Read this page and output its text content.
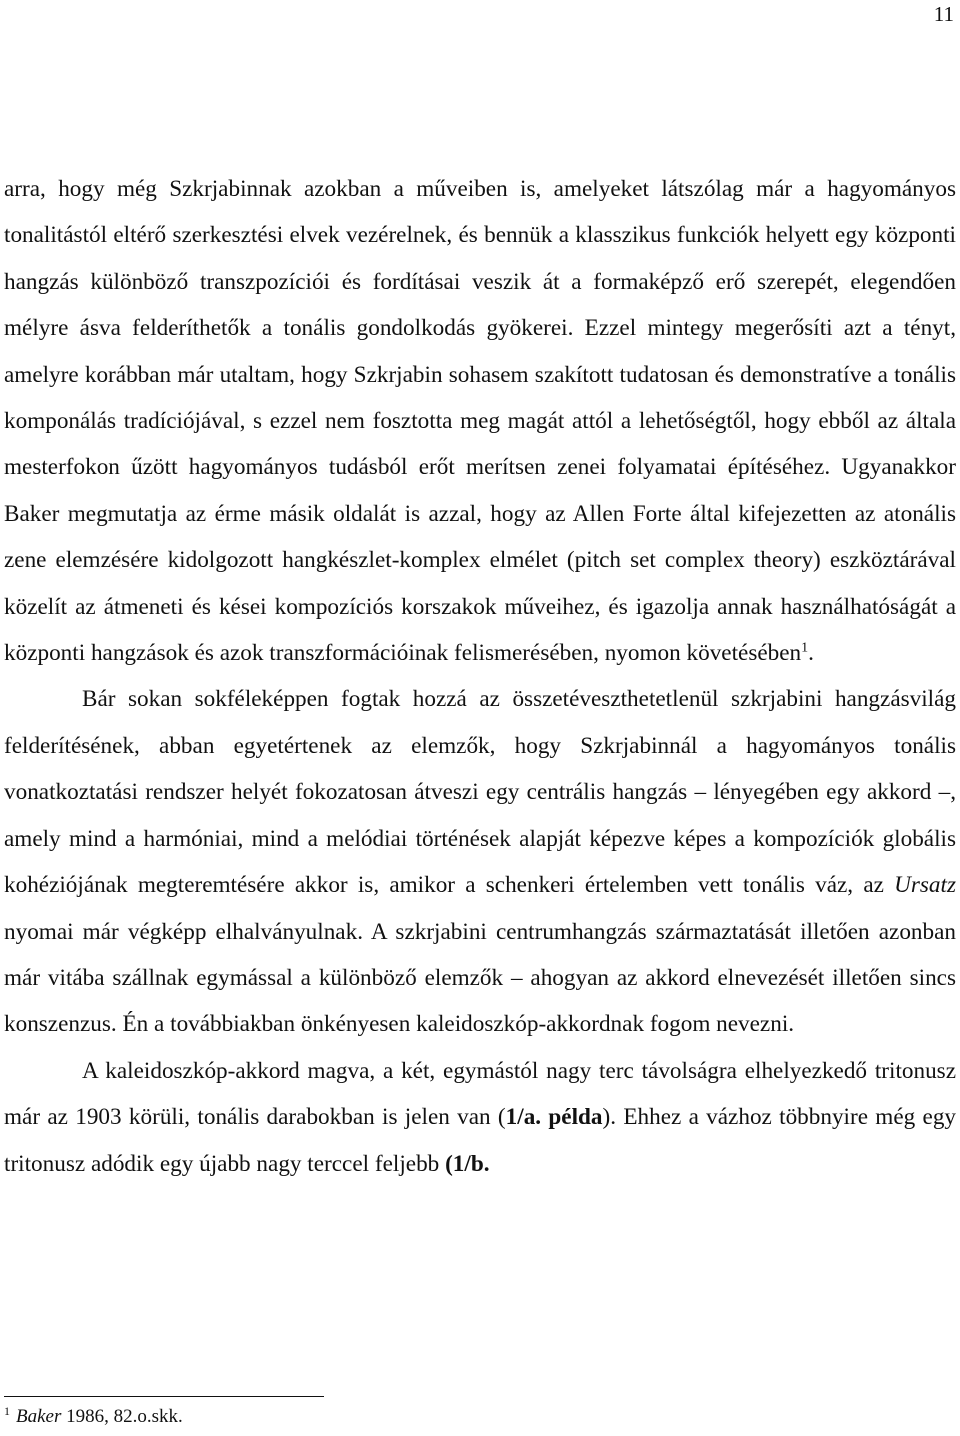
11

arra, hogy még Szkrjabinnak azokban a műveiben is, amelyeket látszólag már a hagyományos tonalitástól eltérő szerkesztési elvek vezérelnek, és bennük a klasszikus funkciók helyett egy központi hangzás különböző transzpozíciói és fordításai veszik át a formaképző erő szerepét, elegendően mélyre ásva felderíthetők a tonális gondolkodás gyökerei. Ezzel mintegy megerősíti azt a tényt, amelyre korábban már utaltam, hogy Szkrjabin sohasem szakított tudatosan és demonstratíve a tonális komponálás tradíciójával, s ezzel nem fosztotta meg magát attól a lehetőségtől, hogy ebből az általa mesterfokon űzött hagyományos tudásból erőt merítsen zenei folyamatai építéséhez. Ugyanakkor Baker megmutatja az érme másik oldalát is azzal, hogy az Allen Forte által kifejezetten az atonális zene elemzésére kidolgozott hangkészlet-komplex elmélet (pitch set complex theory) eszköztárával közelít az átmeneti és kései kompozíciós korszakok műveihez, és igazolja annak használhatóságát a központi hangzások és azok transzformációinak felismerésében, nyomon követésében$^1$.

Bár sokan sokféleképpen fogtak hozzá az összetéveszthetetlenül szkrjabini hangzásvilág felderítésének, abban egyetértenek az elemzők, hogy Szkrjabinnál a hagyományos tonális vonatkoztatási rendszer helyét fokozatosan átveszi egy centrális hangzás – lényegében egy akkord –, amely mind a harmóniai, mind a melódiai történések alapját képezve képes a kompozíciók globális kohéziójának megteremtésére akkor is, amikor a schenkeri értelemben vett tonális váz, az Ursatz nyomai már végképp elhalványulnak. A szkrjabini centrumhangzás származtatását illetően azonban már vitába szállnak egymással a különböző elemzők – ahogyan az akkord elnevezését illetően sincs konszenzus. Én a továbbiakban önkényesen kaleidoszkóp-akkordnak fogom nevezni.

A kaleidoszkóp-akkord magva, a két, egymástól nagy terc távolságra elhelyezkedő tritonusz már az 1903 körüli, tonális darabokban is jelen van (1/a. példa). Ehhez a vázhoz többnyire még egy tritonusz adódik egy újabb nagy terccel feljebb (1/b.

$^1$ Baker 1986, 82.o.skk.
